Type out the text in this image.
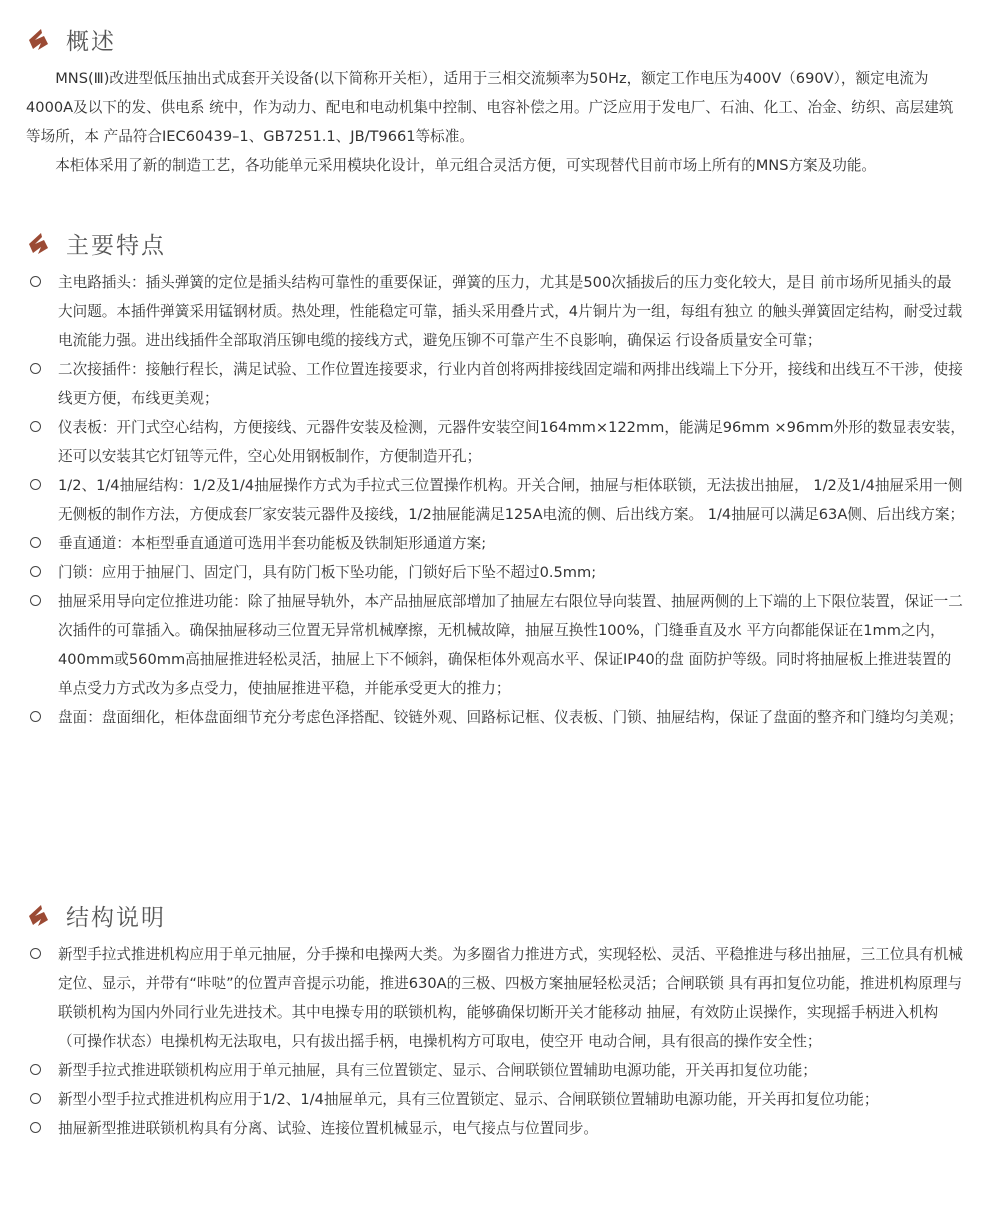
概述

MNS(Ⅲ)改进型低压抽出式成套开关设备(以下简称开关柜），适用于三相交流频率为50Hz，额定工作电压为400V（690V），额定电流为4000A及以下的发、供电系 统中，作为动力、配电和电动机集中控制、电容补偿之用。广泛应用于发电厂、石油、化工、冶金、纺织、高层建筑等场所，本 产品符合IEC60439–1、GB7251.1、JB/T9661等标准。

本柜体采用了新的制造工艺，各功能单元采用模块化设计，单元组合灵活方便，可实现替代目前市场上所有的MNS方案及功能。

主要特点
主电路插头：插头弹簧的定位是插头结构可靠性的重要保证，弹簧的压力，尤其是500次插拔后的压力变化较大，是目 前市场所见插头的最大问题。本插件弹簧采用锰钢材质。热处理，性能稳定可靠，插头采用叠片式，4片铜片为一组，每组有独立 的触头弹簧固定结构，耐受过载电流能力强。进出线插件全部取消压铆电缆的接线方式，避免压铆不可靠产生不良影响，确保运 行设备质量安全可靠；
二次接插件：接触行程长，满足试验、工作位置连接要求，行业内首创将两排接线固定端和两排出线端上下分开，接线和出线互不干涉，使接线更方便，布线更美观；
仪表板：开门式空心结构，方便接线、元器件安装及检测，元器件安装空间164mm×122mm，能满足96mm ×96mm外形的数显表安装，还可以安装其它灯钮等元件，空心处用钢板制作，方便制造开孔；
1/2、1/4抽屉结构：1/2及1/4抽屉操作方式为手拉式三位置操作机构。开关合闸，抽屉与柜体联锁，无法拔出抽屉， 1/2及1/4抽屉采用一侧无侧板的制作方法，方便成套厂家安装元器件及接线，1/2抽屉能满足125A电流的侧、后出线方案。 1/4抽屉可以满足63A侧、后出线方案；
垂直通道：本柜型垂直通道可选用半套功能板及铁制矩形通道方案;
门锁：应用于抽屉门、固定门，具有防门板下坠功能，门锁好后下坠不超过0.5mm;
抽屉采用导向定位推进功能：除了抽屉导轨外，本产品抽屉底部增加了抽屉左右限位导向装置、抽屉两侧的上下端的上下限位装置，保证一二次插件的可靠插入。确保抽屉移动三位置无异常机械摩擦，无机械故障，抽屉互换性100%，门缝垂直及水 平方向都能保证在1mm之内，400mm或560mm高抽屉推进轻松灵活，抽屉上下不倾斜，确保柜体外观高水平、保证IP40的盘 面防护等级。同时将抽屉板上推进装置的单点受力方式改为多点受力，使抽屉推进平稳，并能承受更大的推力；
盘面：盘面细化，柜体盘面细节充分考虑色泽搭配、铰链外观、回路标记框、仪表板、门锁、抽屉结构，保证了盘面的整齐和门缝均匀美观；
结构说明
新型手拉式推进机构应用于单元抽屉，分手操和电操两大类。为多圈省力推进方式，实现轻松、灵活、平稳推进与移出抽屉，三工位具有机械定位、显示，并带有“咔哒”的位置声音提示功能，推进630A的三极、四极方案抽屉轻松灵活；合闸联锁 具有再扣复位功能，推进机构原理与联锁机构为国内外同行业先进技术。其中电操专用的联锁机构，能够确保切断开关才能移动 抽屉，有效防止误操作，实现摇手柄进入机构（可操作状态）电操机构无法取电，只有拔出摇手柄，电操机构方可取电，使空开 电动合闸，具有很高的操作安全性；
新型手拉式推进联锁机构应用于单元抽屉，具有三位置锁定、显示、合闸联锁位置辅助电源功能，开关再扣复位功能；
新型小型手拉式推进机构应用于1/2、1/4抽屉单元，具有三位置锁定、显示、合闸联锁位置辅助电源功能，开关再扣复位功能；
抽屉新型推进联锁机构具有分离、试验、连接位置机械显示，电气接点与位置同步。
